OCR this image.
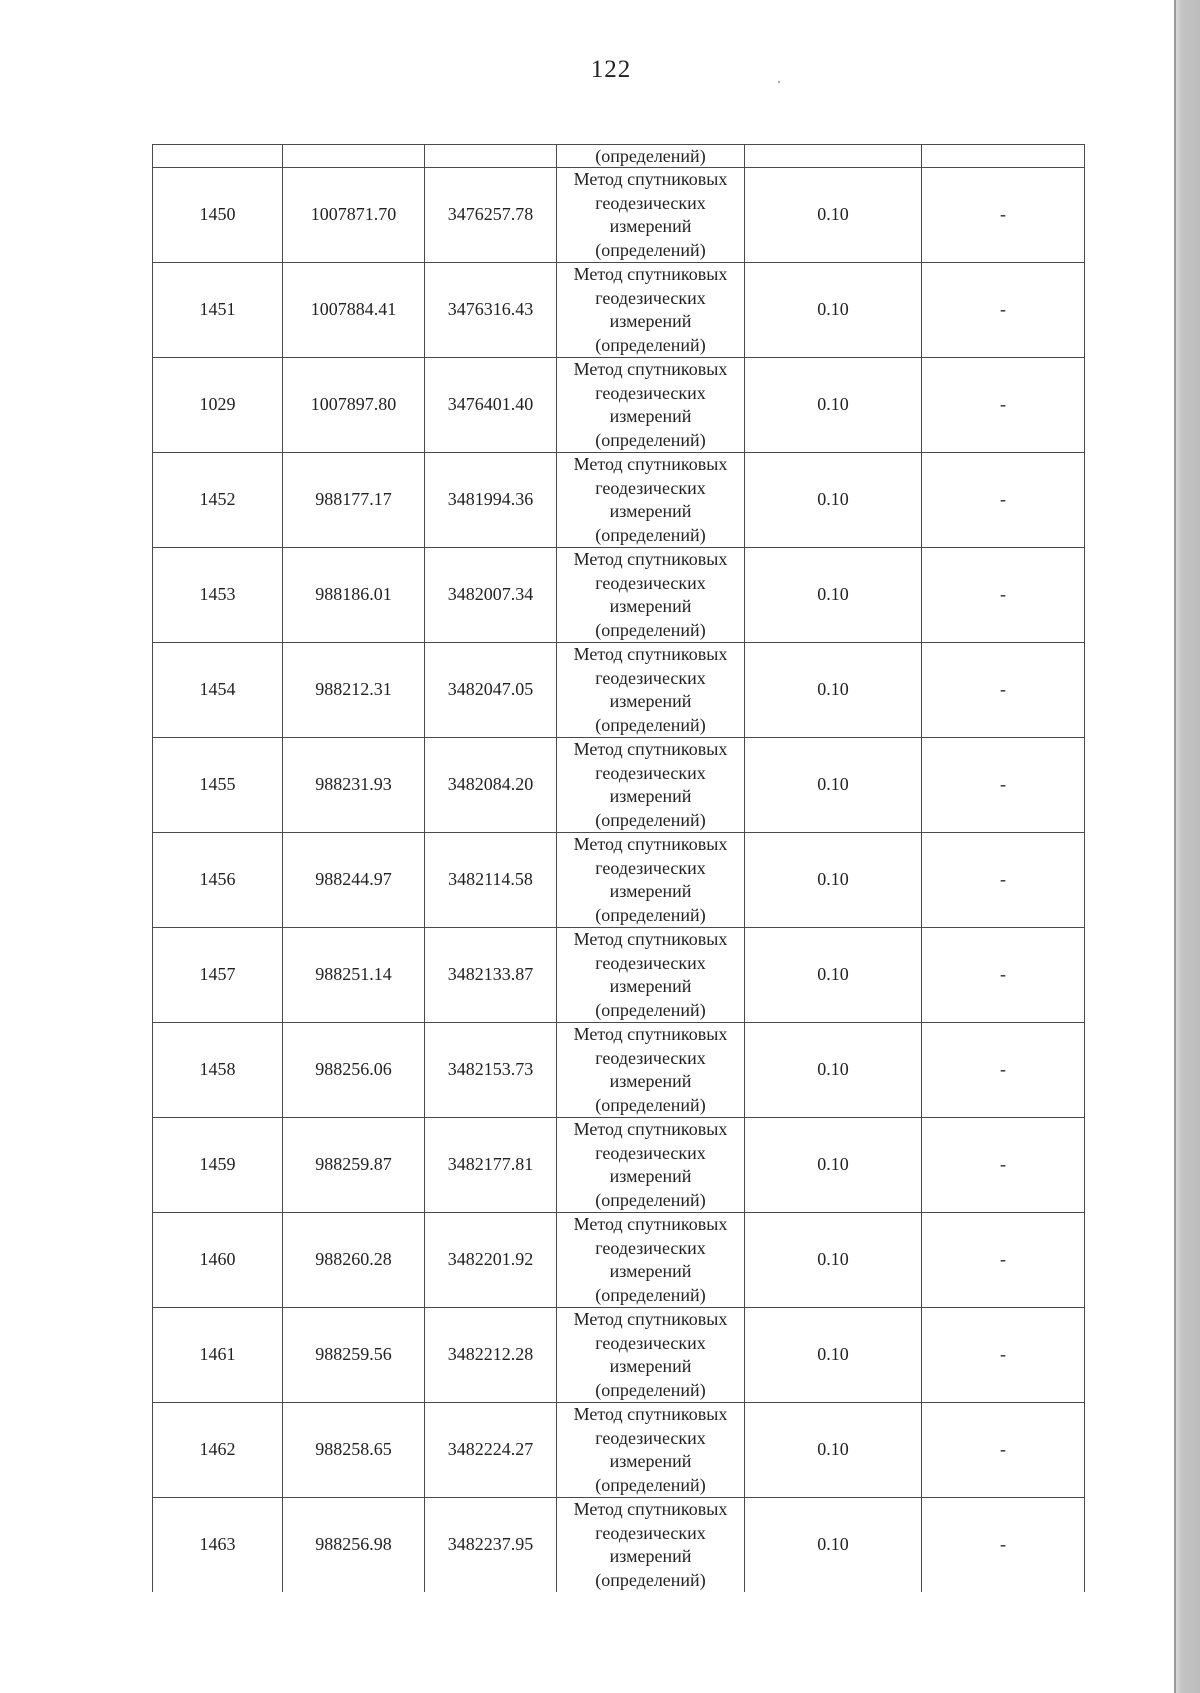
122
			(определений)		
1450	1007871.70	3476257.78	Метод спутниковых
геодезических
измерений
(определений)	0.10	-
1451	1007884.41	3476316.43	Метод спутниковых
геодезических
измерений
(определений)	0.10	-
1029	1007897.80	3476401.40	Метод спутниковых
геодезических
измерений
(определений)	0.10	-
1452	988177.17	3481994.36	Метод спутниковых
геодезических
измерений
(определений)	0.10	-
1453	988186.01	3482007.34	Метод спутниковых
геодезических
измерений
(определений)	0.10	-
1454	988212.31	3482047.05	Метод спутниковых
геодезических
измерений
(определений)	0.10	-
1455	988231.93	3482084.20	Метод спутниковых
геодезических
измерений
(определений)	0.10	-
1456	988244.97	3482114.58	Метод спутниковых
геодезических
измерений
(определений)	0.10	-
1457	988251.14	3482133.87	Метод спутниковых
геодезических
измерений
(определений)	0.10	-
1458	988256.06	3482153.73	Метод спутниковых
геодезических
измерений
(определений)	0.10	-
1459	988259.87	3482177.81	Метод спутниковых
геодезических
измерений
(определений)	0.10	-
1460	988260.28	3482201.92	Метод спутниковых
геодезических
измерений
(определений)	0.10	-
1461	988259.56	3482212.28	Метод спутниковых
геодезических
измерений
(определений)	0.10	-
1462	988258.65	3482224.27	Метод спутниковых
геодезических
измерений
(определений)	0.10	-
1463	988256.98	3482237.95	Метод спутниковых
геодезических
измерений
(определений)	0.10	-
